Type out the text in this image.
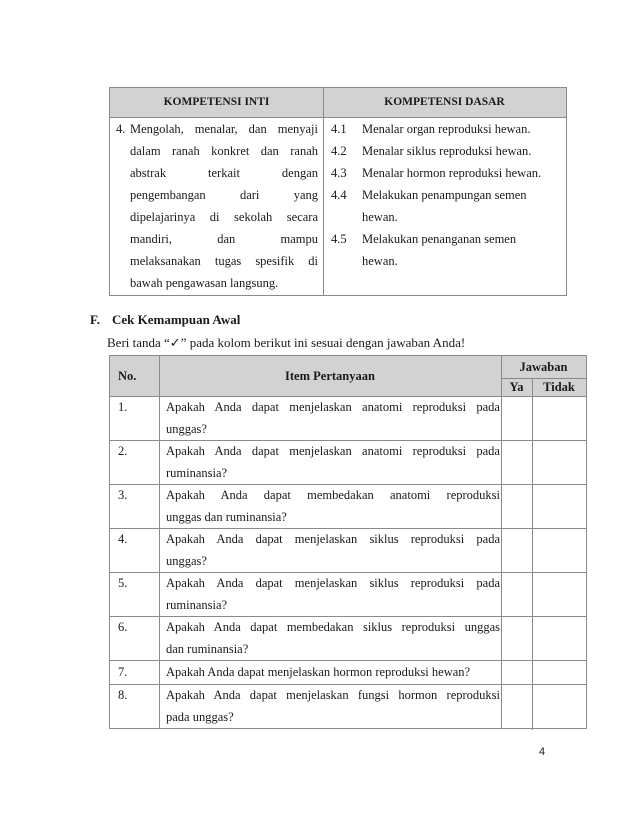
KOMPETENSI INTI	KOMPETENSI DASAR
4. Mengolah, menalar, dan menyaji
dalam ranah konkret dan ranah
abstrak terkait dengan
pengembangan dari yang
dipelajarinya di sekolah secara
mandiri, dan mampu
melaksanakan tugas spesifik di
bawah pengawasan langsung.
4.1	Menalar organ reproduksi hewan.
4.2	Menalar siklus reproduksi hewan.
4.3	Menalar hormon reproduksi hewan.
4.4	Melakukan penampungan semen
hewan.
4.5	Melakukan penanganan semen
hewan.
F. Cek Kemampuan Awal
Beri tanda “✓” pada kolom berikut ini sesuai dengan jawaban Anda!
No.	Item Pertanyaan
Jawaban
Ya	Tidak
1.	Apakah Anda dapat menjelaskan anatomi reproduksi pada
unggas?
2.	Apakah Anda dapat menjelaskan anatomi reproduksi pada
ruminansia?
3.	Apakah Anda dapat membedakan anatomi reproduksi
unggas dan ruminansia?
4.	Apakah Anda dapat menjelaskan siklus reproduksi pada
unggas?
5.	Apakah Anda dapat menjelaskan siklus reproduksi pada
ruminansia?
6.	Apakah Anda dapat membedakan siklus reproduksi unggas
dan ruminansia?
7.	Apakah Anda dapat menjelaskan hormon reproduksi hewan?
8.	Apakah Anda dapat menjelaskan fungsi hormon reproduksi
pada unggas?
4
